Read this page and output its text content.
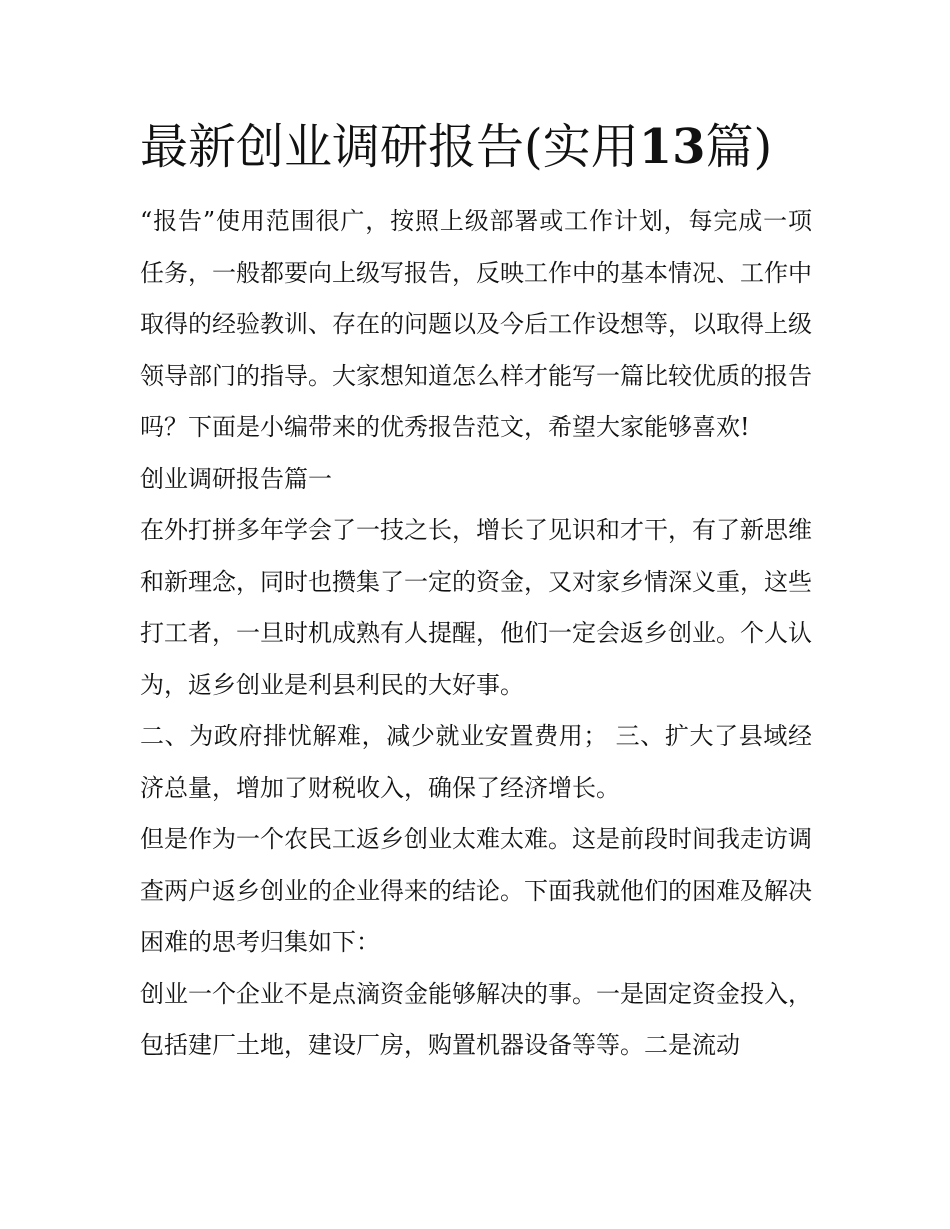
最新创业调研报告(实用13篇)

“报告”使用范围很广，按照上级部署或工作计划，每完成一项任务，一般都要向上级写报告，反映工作中的基本情况、工作中取得的经验教训、存在的问题以及今后工作设想等，以取得上级领导部门的指导。大家想知道怎么样才能写一篇比较优质的报告吗？下面是小编带来的优秀报告范文，希望大家能够喜欢!

创业调研报告篇一

在外打拼多年学会了一技之长，增长了见识和才干，有了新思维和新理念，同时也攒集了一定的资金，又对家乡情深义重，这些打工者，一旦时机成熟有人提醒，他们一定会返乡创业。个人认为，返乡创业是利县利民的大好事。

二、为政府排忧解难，减少就业安置费用； 三、扩大了县域经济总量，增加了财税收入，确保了经济增长。

但是作为一个农民工返乡创业太难太难。这是前段时间我走访调查两户返乡创业的企业得来的结论。下面我就他们的困难及解决困难的思考归集如下：

创业一个企业不是点滴资金能够解决的事。一是固定资金投入，包括建厂土地，建设厂房，购置机器设备等等。二是流动
